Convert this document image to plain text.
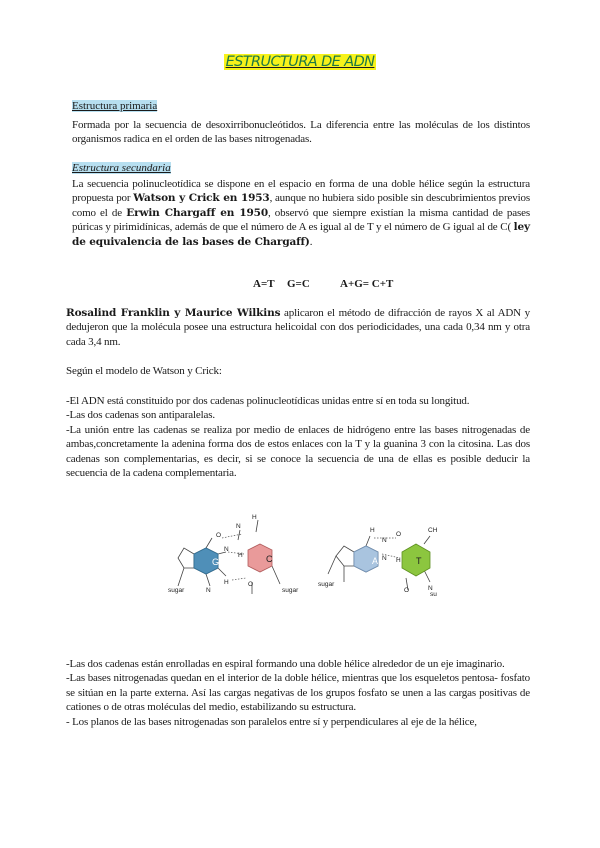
ESTRUCTURA DE ADN
Estructura primaria
Formada por la secuencia de desoxirribonucleótidos. La diferencia entre las moléculas de los distintos organismos radica en el orden de las bases nitrogenadas.
Estructura secundaria
La secuencia polinucleotídica se dispone en el espacio en forma de una doble hélice según la estructura propuesta por Watson y Crick en 1953, aunque no hubiera sido posible sin descubrimientos previos como el de Erwin Chargaff en 1950, observó que siempre existían la misma cantidad de pases púricas y pirimidínicas, además de que el número de A es igual al de T y el número de G igual al de C( ley de equivalencia de las bases de Chargaff).
A=T G=C	A+G= C+T
Rosalind Franklin y Maurice Wilkins aplicaron el método de difracción de rayos X al ADN y dedujeron que la molécula posee una estructura helicoidal con dos periodicidades, una cada 0,34 nm y otra cada 3,4 nm.
Según el modelo de Watson y Crick:
-El ADN está constituido por dos cadenas polinucleotídicas unidas entre sí en toda su longitud.
-Las dos cadenas son antiparalelas.
-La unión entre las cadenas se realiza por medio de enlaces de hidrógeno entre las bases nitrogenadas de ambas,concretamente la adenina forma dos de estos enlaces con la T y la guanina 3 con la citosina. Las dos cadenas son complementarias, es decir, si se conoce la secuencia de una de ellas es posible deducir la secuencia de la cadena complementaria.
G	C	A	T
sugar	sugar
sugar
su
H
N
O
N
H
O
H
N
H
N
O
N H
CH
O	N
-Las dos cadenas están enrolladas en espiral formando una doble hélice alrededor de un eje imaginario.
-Las bases nitrogenadas quedan en el interior de la doble hélice, mientras que los esqueletos pentosa- fosfato se sitúan en la parte externa. Así las cargas negativas de los grupos fosfato se unen a las cargas positivas de cationes o de otras moléculas del medio, estabilizando su estructura.
- Los planos de las bases nitrogenadas son paralelos entre sí y perpendiculares al eje de la hélice,
